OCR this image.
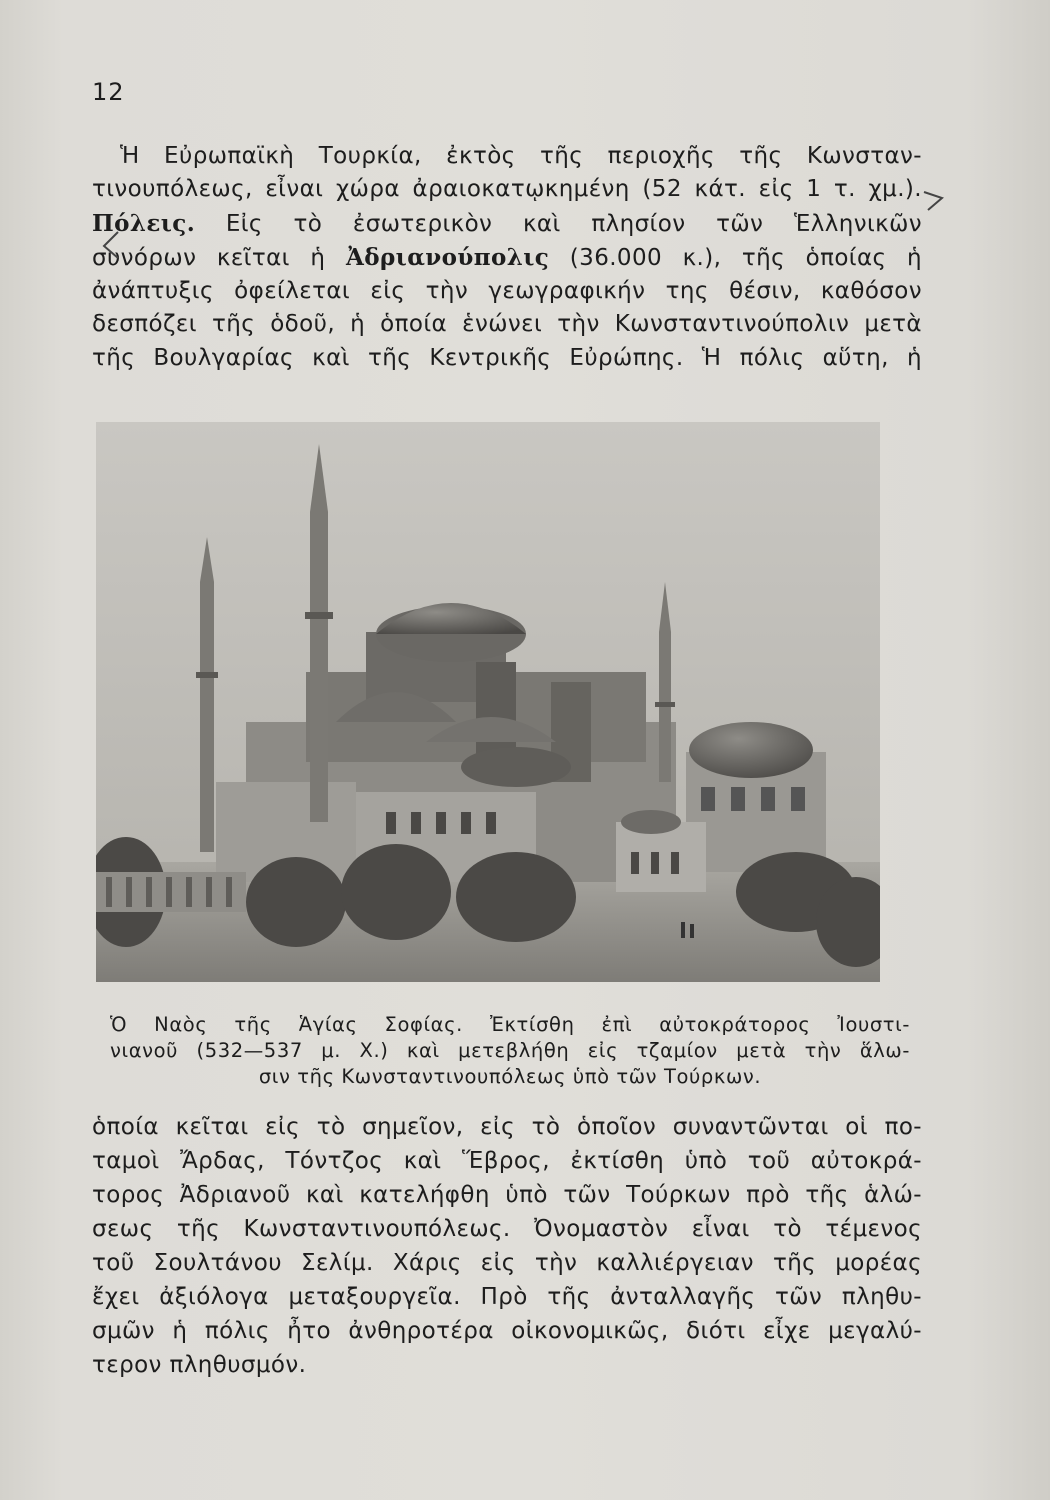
12
Ἡ Εὐρωπαϊκὴ Τουρκία, ἐκτὸς τῆς περιοχῆς τῆς Κωνσταν-
τινουπόλεως, εἶναι χώρα ἀραιοκατῳκημένη (52 κάτ. εἰς 1 τ. χμ.).
Πόλεις. Εἰς τὸ ἐσωτερικὸν καὶ πλησίον τῶν Ἑλληνικῶν
συνόρων κεῖται ἡ Ἀδριανούπολις (36.000 κ.), τῆς ὁποίας ἡ
ἀνάπτυξις ὀφείλεται εἰς τὴν γεωγραφικήν της θέσιν, καθόσον
δεσπόζει τῆς ὁδοῦ, ἡ ὁποία ἑνώνει τὴν Κωνσταντινούπολιν μετὰ
τῆς Βουλγαρίας καὶ τῆς Κεντρικῆς Εὐρώπης. Ἡ πόλις αὕτη, ἡ
Ὁ Ναὸς τῆς Ἁγίας Σοφίας. Ἐκτίσθη ἐπὶ αὐτοκράτορος Ἰουστι-
νιανοῦ (532—537 μ. Χ.) καὶ μετεβλήθη εἰς τζαμίον μετὰ τὴν ἅλω-
σιν τῆς Κωνσταντινουπόλεως ὑπὸ τῶν Τούρκων.
ὁποία κεῖται εἰς τὸ σημεῖον, εἰς τὸ ὁποῖον συναντῶνται οἱ πο-
ταμοὶ Ἄρδας, Τόντζος καὶ Ἕβρος, ἐκτίσθη ὑπὸ τοῦ αὐτοκρά-
τορος Ἀδριανοῦ καὶ κατελήφθη ὑπὸ τῶν Τούρκων πρὸ τῆς ἁλώ-
σεως τῆς Κωνσταντινουπόλεως. Ὀνομαστὸν εἶναι τὸ τέμενος
τοῦ Σουλτάνου Σελίμ. Χάρις εἰς τὴν καλλιέργειαν τῆς μορέας
ἔχει ἀξιόλογα μεταξουργεῖα. Πρὸ τῆς ἀνταλλαγῆς τῶν πληθυ-
σμῶν ἡ πόλις ἦτο ἀνθηροτέρα οἰκονομικῶς, διότι εἶχε μεγαλύ-
τερον πληθυσμόν.
